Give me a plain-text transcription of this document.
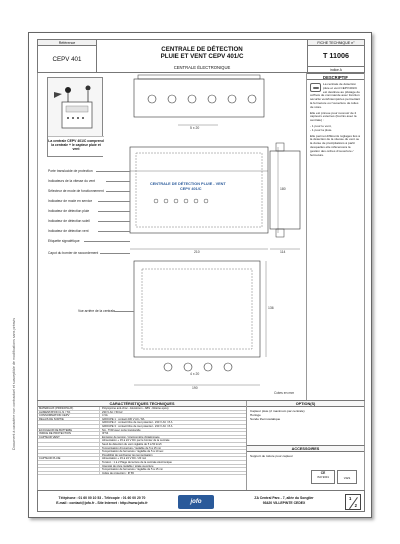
Document à caractère non contractuel et susceptible de modifications sans préavis
Référence
CEPV 401
CENTRALE DE DÉTECTION
PLUIE ET VENT CEPV 401/C
CENTRALE ÉLECTRONIQUE
FICHE TECHNIQUE n°
T 11006
indice A
La centrale CEPV 401/C comprend la centrale + le capteur pluie et vent
Porte translucide de protection
Indicateurs de la vitesse du vent
Sélecteur de mode de fonctionnement
Indicateur de mode en service
Indicateur de détection pluie
Indicateur de détection soleil
Indicateur de détection vent
Etiquette signalétique
Capot du bornier de raccordement
Vue arrière de la centrale
CENTRALE DE DÉTECTION PLUIE - VENT
CEPV 401/C
5 x 20
180
210	114
136
4 x 20
190
Cotes en mm
DESCRIPTIF

La centrale de détection pluie et vent CEPV401/C est destinée au pilotage de coffrets de commande avec fonction sécurité vent/intempéries permettant la fermeture ou l'ouverture de toiles de store.

Elle est prévue pour recevoir de 2 capteurs externes (fournis avec la centrale) :

- 1 pour le vent,

- 1 pour la pluie.

Elle permet différents réglages liés à la détection de la vitesse du vent ou la durée de précipitations à partir desquelles elle référencera la gestion des ordres d'ouverture / fermeture.

CARACTÉRISTIQUES TECHNIQUES
MATÉRIAUX (PRINCIPAUX)	Polystyrène anti-choc - Aluminium - ABS - Résine epoxy
ALIMENTATION (L N / Tri)	230 V AC / 50 Hz
CONSOMMATION CEPV	4 VA
RELAIS DE SORTIE	GROUPE 1 : contact 230 V AC / 8A
GROUPE 2 : contact libre de tout potentiel - 230 V AC / 8 A
GROUPE 3 : contact libre de tout potentiel - 230 V AC / 8 A
ÉCOULEUR DE BATTERIE	NA - TOR avec porte translucide
INDICE DE PROTECTION	IP 54
CAPTEUR VENT	Émission de tension / Anémomètre d'étalonnage
Alimentation + 15 à 24 V DC par le bornier de la centrale
Seuil de détection du vent réglable de 5 à 50 km/h
Temporisation d'ouverture / réglable de 5 à 15 mn
Temporisation de fermeture / réglable de 5 à 10 sec
Possibilité de surcharger les temporisation
CAPTEUR PLUIE	Alimentation + 15 à 24 V DC / 20 mA
Tension : 1 à 2 Plage de lecture de la centrale électronique
Intensité de pluie réglable / totale ouverture
Temporisation de fermeture / réglable de 5 à 15 mn
Indice de protection : IP 65
OPTION(S)
Capteur pluie (2 maximum par centrale)
Horloge
Sonde thermostatique
ACCESSOIRES
Support de toiture pour capteur
CE
ISO 9001	V.ES
Téléphone : 01 60 00 10 53 - Télécopie : 01 60 00 20 70
E-mail : contact@jofo.fr - Site Internet : http://www.jofo.fr	jofo
ZA Central Parc - 7, allée du Songlier
93420 VILLEPINTE CEDEX
1
2
